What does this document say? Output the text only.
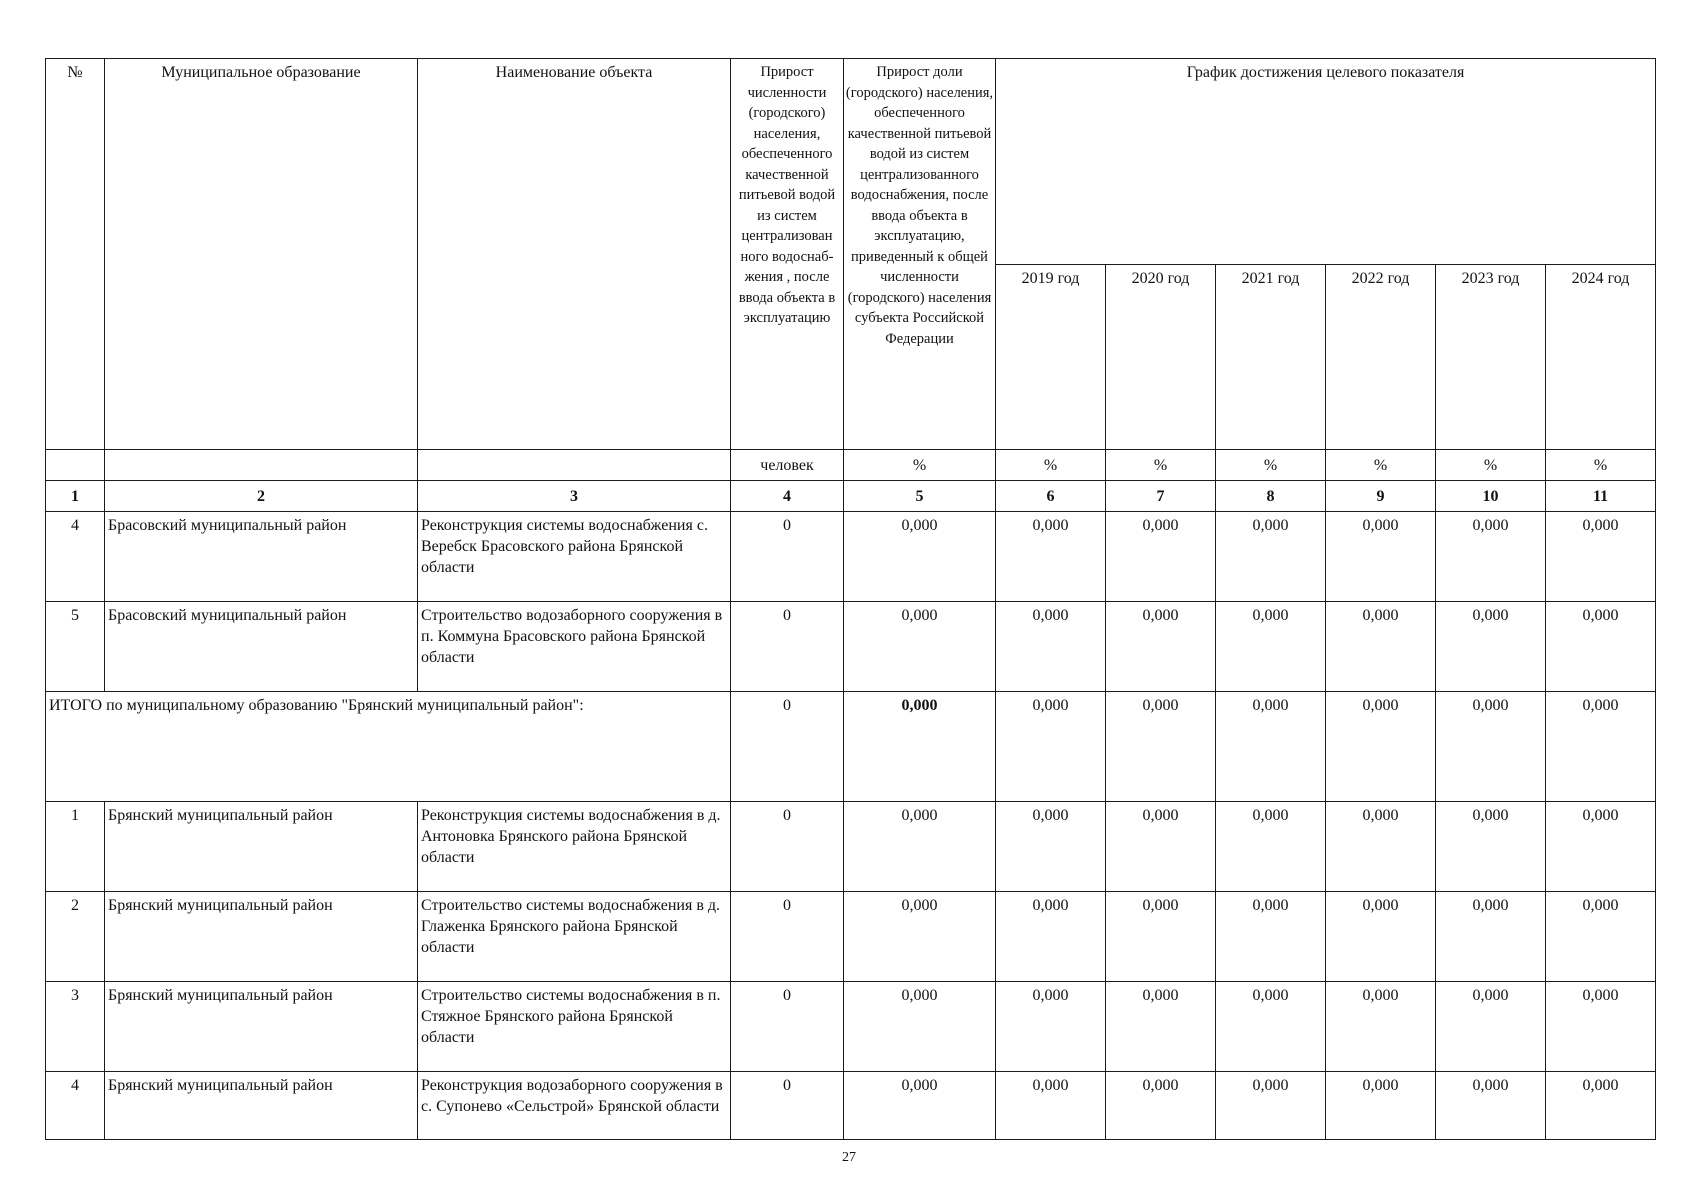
№	Муниципальное образование	Наименование объекта	Прирост численности (городского) населения, обеспеченного качественной питьевой водой из систем централизован ного водоснабжения , после ввода объекта в эксплуатацию	Прирост доли (городского) населения, обеспеченного качественной питьевой водой из систем централизованного водоснабжения, после ввода объекта в эксплуатацию, приведенный к общей численности (городского) населения субъекта Российской Федерации	График достижения целевого показателя					
					2019 год	2020 год	2021 год	2022 год	2023 год	2024 год
			человек	%	%	%	%	%	%	%
1	2	3	4	5	6	7	8	9	10	11
4	Брасовский муниципальный район	Реконструкция системы водоснабжения с. Веребск Брасовского района Брянской области	0	0,000	0,000	0,000	0,000	0,000	0,000	0,000
5	Брасовский муниципальный район	Строительство водозаборного сооружения в п. Коммуна Брасовского района Брянской области	0	0,000	0,000	0,000	0,000	0,000	0,000	0,000
ИТОГО по муниципальному образованию "Брянский муниципальный район":			0	0,000	0,000	0,000	0,000	0,000	0,000	0,000
1	Брянский муниципальный район	Реконструкция системы водоснабжения в д. Антоновка Брянского района Брянской области	0	0,000	0,000	0,000	0,000	0,000	0,000	0,000
2	Брянский муниципальный район	Строительство системы водоснабжения в д. Глаженка Брянского района Брянской области	0	0,000	0,000	0,000	0,000	0,000	0,000	0,000
3	Брянский муниципальный район	Строительство системы водоснабжения в п. Стяжное Брянского района Брянской области	0	0,000	0,000	0,000	0,000	0,000	0,000	0,000
4	Брянский муниципальный район	Реконструкция водозаборного сооружения в с. Супонево «Сельстрой» Брянской области	0	0,000	0,000	0,000	0,000	0,000	0,000	0,000
27
